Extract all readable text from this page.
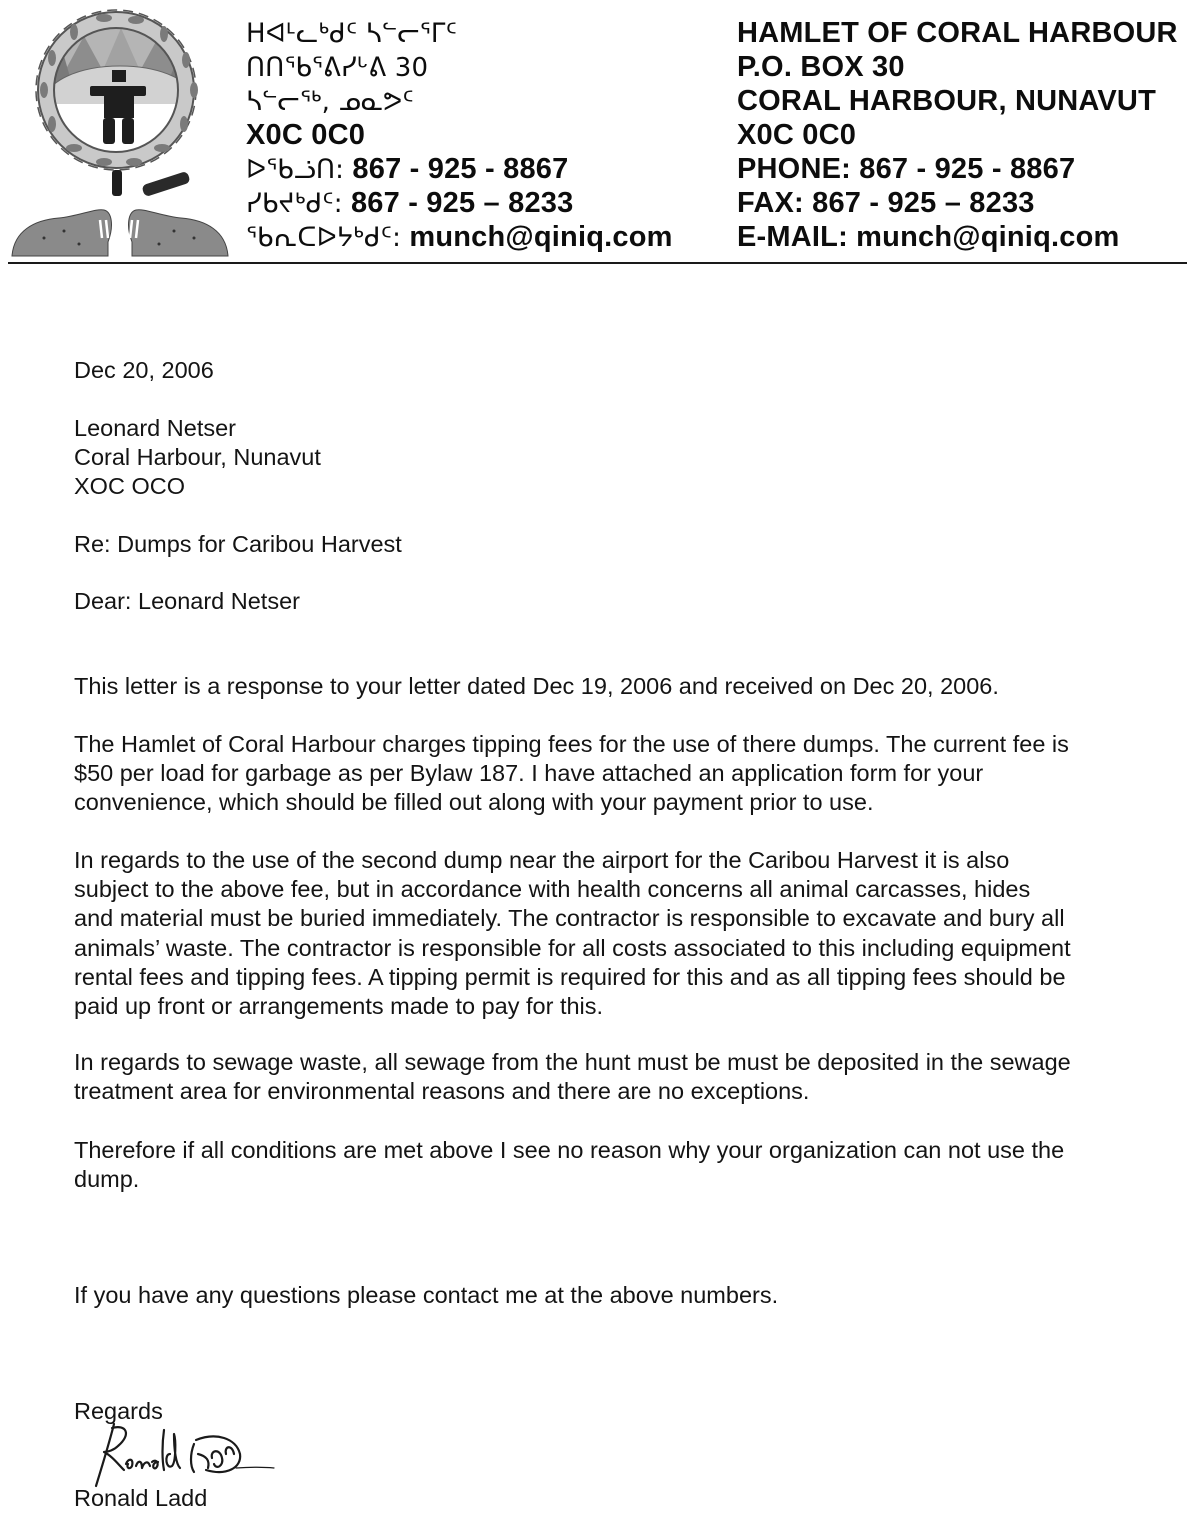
ᕼᐊᒻᓚᒃᑯᑦ ᓴᓪᓕᕐᒥᑦ
ᑎᑎᖃᕐᕕᓯᒡᕕ 30
ᓴᓪᓕᖅ, ᓄᓇᕗᑦ
X0C 0C0
ᐅᖃᓘᑎ: 867 - 925 - 8867
ᓯᑲᔪᒃᑯᑦ: 867 - 925 – 8233
ᖃᕆᑕᐅᔭᒃᑯᑦ: munch@qiniq.com
HAMLET OF CORAL HARBOUR
P.O. BOX 30
CORAL HARBOUR, NUNAVUT
X0C 0C0
PHONE: 867 - 925 - 8867
FAX: 867 - 925 – 8233
E-MAIL: munch@qiniq.com
Dec 20, 2006
Leonard Netser
Coral Harbour, Nunavut
XOC OCO
Re: Dumps for Caribou Harvest
Dear: Leonard Netser
This letter is a response to your letter dated Dec 19, 2006 and received on Dec 20, 2006.
The Hamlet of Coral Harbour charges tipping fees for the use of there dumps. The current fee is
$50 per load for garbage as per Bylaw 187. I have attached an application form for your
convenience, which should be filled out along with your payment prior to use.
In regards to the use of the second dump near the airport for the Caribou Harvest it is also
subject to the above fee, but in accordance with health concerns all animal carcasses, hides
and material must be buried immediately. The contractor is responsible to excavate and bury all
animals’ waste. The contractor is responsible for all costs associated to this including equipment
rental fees and tipping fees. A tipping permit is required for this and as all tipping fees should be
paid up front or arrangements made to pay for this.
In regards to sewage waste, all sewage from the hunt must be must be deposited in the sewage
treatment area for environmental reasons and there are no exceptions.
Therefore if all conditions are met above I see no reason why your organization can not use the
dump.
If you have any questions please contact me at the above numbers.
Regards
Ronald Ladd
